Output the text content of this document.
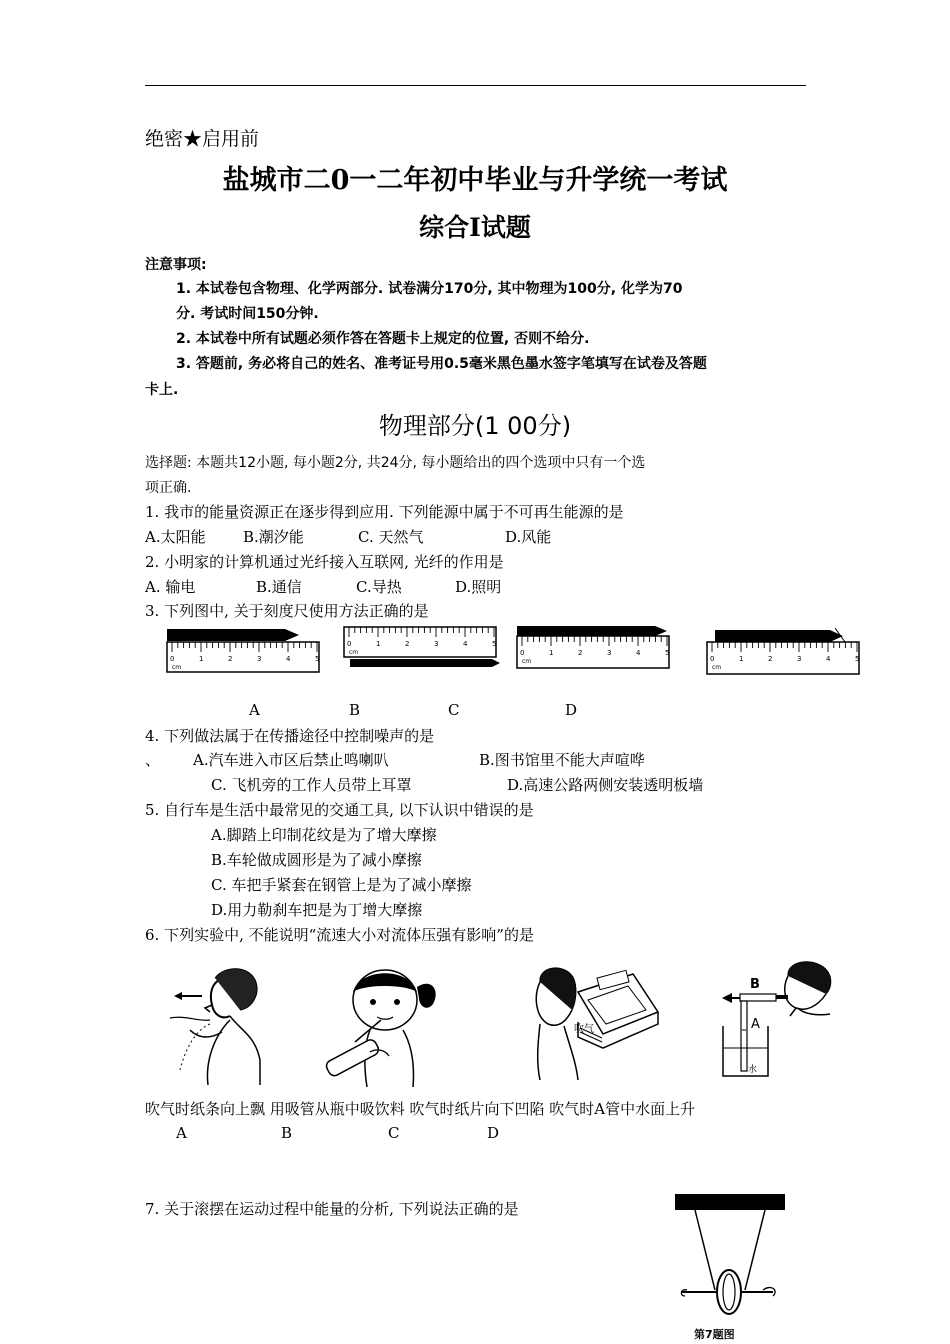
绝密★启用前
盐城市二0一二年初中毕业与升学统一考试
综合Ⅰ试题
注意事项:
1. 本试卷包含物理、化学两部分. 试卷满分170分, 其中物理为100分, 化学为70
分. 考试时间150分钟.
2. 本试卷中所有试题必须作答在答题卡上规定的位置, 否则不给分.
3. 答题前, 务必将自己的姓名、准考证号用0.5毫米黑色墨水签字笔填写在试卷及答题
卡上.
物理部分(1 00分)
选择题: 本题共12小题, 每小题2分, 共24分, 每小题给出的四个选项中只有一个选
项正确.
1. 我市的能量资源正在逐步得到应用. 下列能源中属于不可再生能源的是
A.太阳能 B.潮汐能	C. 天然气	D.风能
2. 小明家的计算机通过光纤接入互联网, 光纤的作用是
A. 输电	B.通信	C.导热	D.照明
3. 下列图中, 关于刻度尺使用方法正确的是
0	1	2	3	4	5
cm
0	1	2	3	4	5
cm	0	1	2	3	4	5
cm	0	1	2	3	4	5
cm
A	B	C	D
4. 下列做法属于在传播途径中控制噪声的是
、 A.汽车进入市区后禁止鸣喇叭	B.图书馆里不能大声喧哗
C. 飞机旁的工作人员带上耳罩	D.高速公路两侧安装透明板墙
5. 自行车是生活中最常见的交通工具, 以下认识中错误的是
A.脚踏上印制花纹是为了增大摩擦
B.车轮做成圆形是为了减小摩擦
C. 车把手紧套在钢管上是为了减小摩擦
D.用力勒刹车把是为丁增大摩擦
6. 下列实验中, 不能说明“流速大小对流体压强有影响”的是
吹气
B
A
水
吹气时纸条向上飘 用吸管从瓶中吸饮料 吹气时纸片向下凹陷 吹气时A管中水面上升
A	B	C	D
7. 关于滚摆在运动过程中能量的分析, 下列说法正确的是
第7题图
